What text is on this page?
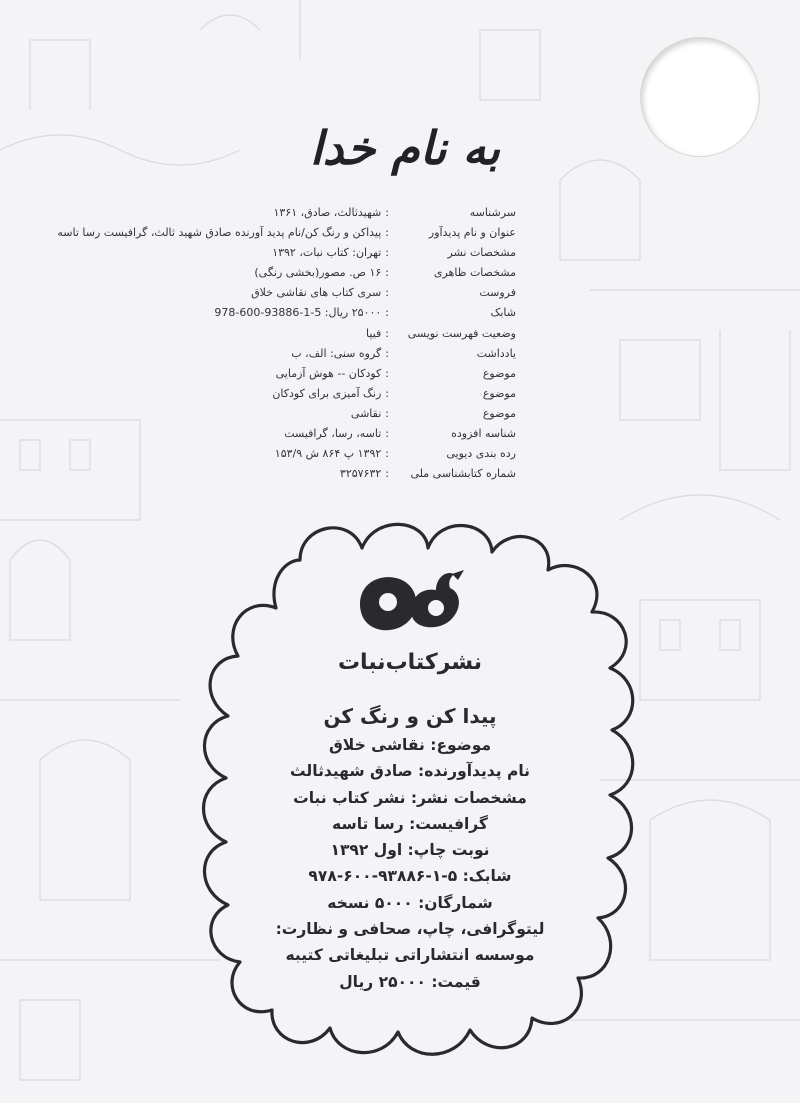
به نام خدا
سرشناسه
:شهیدثالث، صادق، ۱۳۶۱
عنوان و نام پدیدآور
:پیداکن و رنگ کن/نام پدید آورنده صادق شهید ثالث، گرافیست رسا تاسه
مشخصات نشر
:تهران: کتاب نبات، ۱۳۹۲
مشخصات ظاهری
:۱۶ ص. مصور(بخشی رنگی)
فروست
:سری کتاب های نقاشی خلاق
شابک
:۲۵۰۰۰ ریال: 5-1-93886-600-978
وضعیت فهرست نویسی
:فیپا
یادداشت
:گروه سنی: الف، ب
موضوع
:کودکان -- هوش آزمایی
موضوع
:رنگ آمیزی برای کودکان
موضوع
:نقاشی
شناسه افزوده
:تاسه، رسا، گرافیست
رده بندی دیویی
:۱۳۹۲ پ ۸۶۴ ش ۱۵۳/۹
شماره کتابشناسی ملی
:۳۲۵۷۶۳۲
نشرکتاب‌نبات
پیدا کن و رنگ کن
موضوع: نقاشی خلاق
نام پدیدآورنده: صادق شهیدثالث
مشخصات نشر: نشر کتاب نبات
گرافیست: رسا تاسه
نوبت چاپ: اول ۱۳۹۲
شابک: ۵-۱-۹۳۸۸۶-۶۰۰-۹۷۸
شمارگان: ۵۰۰۰ نسخه
لیتوگرافی، چاپ، صحافی و نظارت:
موسسه انتشاراتی تبلیغاتی کتیبه
قیمت: ۲۵۰۰۰ ریال
